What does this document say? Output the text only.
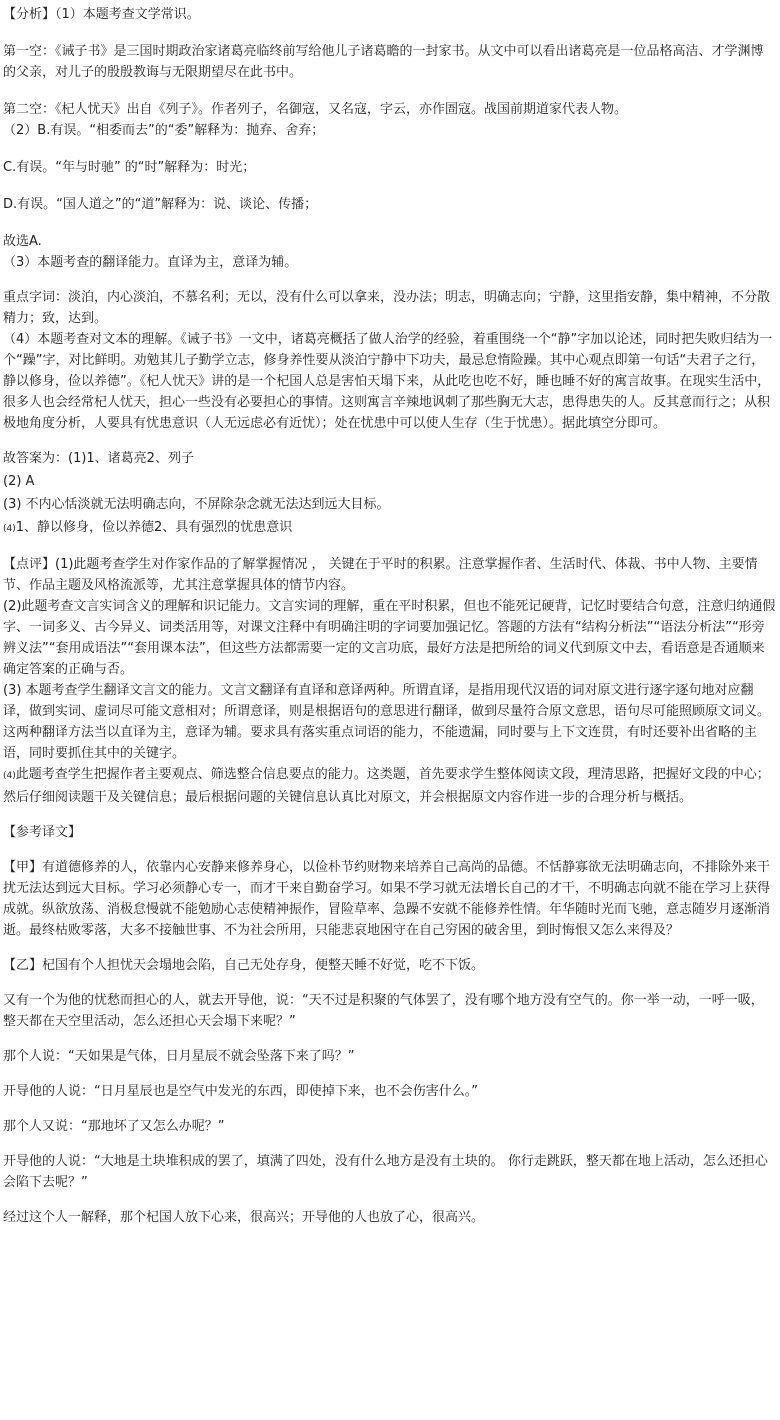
【分析】（1）本题考查文学常识。

第一空：《诫子书》是三国时期政治家诸葛亮临终前写给他儿子诸葛瞻的一封家书。从文中可以看出诸葛亮是一位品格高洁、才学渊博的父亲，对儿子的殷殷教诲与无限期望尽在此书中。

第二空：《杞人忧天》出自《列子》。作者列子，名御寇，又名寇，字云，亦作圄寇。战国前期道家代表人物。

（2）B.有误。“相委而去”的“委”解释为：抛弃、舍弃；

C.有误。“年与时驰” 的“时”解释为：时光；

D.有误。“国人道之”的“道”解释为：说、谈论、传播；

故选A.

（3）本题考查的翻译能力。直译为主，意译为辅。

重点字词：淡泊，内心淡泊，不慕名利；无以，没有什么可以拿来，没办法；明志，明确志向；宁静，这里指安静，集中精神，不分散精力；致，达到。

（4）本题考查对文本的理解。《诫子书》一文中，诸葛亮概括了做人治学的经验，着重围绕一个“静”字加以论述，同时把失败归结为一个“躁”字，对比鲜明。劝勉其儿子勤学立志，修身养性要从淡泊宁静中下功夫，最忌怠惰险躁。其中心观点即第一句话“夫君子之行，静以修身，俭以养德”。《杞人忧天》讲的是一个杞国人总是害怕天塌下来，从此吃也吃不好，睡也睡不好的寓言故事。在现实生活中，很多人也会经常杞人忧天，担心一些没有必要担心的事情。这则寓言辛辣地讽刺了那些胸无大志，患得患失的人。反其意而行之；从积极地角度分析，人要具有忧患意识（人无远虑必有近忧）；处在忧患中可以使人生存（生于忧患）。据此填空分即可。

故答案为：(1)1、诸葛亮2、列子

(2) A

(3) 不内心恬淡就无法明确志向，不屏除杂念就无法达到远大目标。

(4)1、静以修身，俭以养德2、具有强烈的忧患意识

【点评】(1)此题考查学生对作家作品的了解掌握情况 ， 关键在于平时的积累。注意掌握作者、生活时代、体裁、书中人物、主要情节、作品主题及风格流派等，尤其注意掌握具体的情节内容。

(2)此题考查文言实词含义的理解和识记能力。文言实词的理解，重在平时积累，但也不能死记硬背，记忆时要结合句意，注意归纳通假字、一词多义、古今异义、词类活用等，对课文注释中有明确注明的字词要加强记忆。答题的方法有“结构分析法”“语法分析法”“形旁辨义法”“套用成语法”“套用课本法”，但这些方法都需要一定的文言功底，最好方法是把所给的词义代到原文中去，看语意是否通顺来确定答案的正确与否。

(3) 本题考查学生翻译文言文的能力。文言文翻译有直译和意译两种。所谓直译，是指用现代汉语的词对原文进行逐字逐句地对应翻译，做到实词、虚词尽可能文意相对；所谓意译，则是根据语句的意思进行翻译，做到尽量符合原文意思，语句尽可能照顾原文词义。这两种翻译方法当以直译为主，意译为辅。要求具有落实重点词语的能力，不能遗漏，同时要与上下文连贯，有时还要补出省略的主语，同时要抓住其中的关键字。

(4)此题考查学生把握作者主要观点、筛选整合信息要点的能力。这类题，首先要求学生整体阅读文段，理清思路，把握好文段的中心；然后仔细阅读题干及关键信息；最后根据问题的关键信息认真比对原文，并会根据原文内容作进一步的合理分析与概括。

【参考译文】

【甲】有道德修养的人，依靠内心安静来修养身心，以俭朴节约财物来培养自己高尚的品德。不恬静寡欲无法明确志向，不排除外来干扰无法达到远大目标。学习必须静心专一，而才干来自勤奋学习。如果不学习就无法增长自己的才干，不明确志向就不能在学习上获得成就。纵欲放荡、消极怠慢就不能勉励心志使精神振作，冒险草率、急躁不安就不能修养性情。年华随时光而飞驰，意志随岁月逐渐消逝。最终枯败零落，大多不接触世事、不为社会所用，只能悲哀地困守在自己穷困的破舍里，到时悔恨又怎么来得及？

【乙】杞国有个人担忧天会塌地会陷，自己无处存身，便整天睡不好觉，吃不下饭。

又有一个为他的忧愁而担心的人，就去开导他，说：“天不过是积聚的气体罢了，没有哪个地方没有空气的。你一举一动，一呼一吸，整天都在天空里活动，怎么还担心天会塌下来呢？”

那个人说：“天如果是气体，日月星辰不就会坠落下来了吗？”

开导他的人说：“日月星辰也是空气中发光的东西，即使掉下来，也不会伤害什么。”

那个人又说：“那地坏了又怎么办呢？”

开导他的人说：“大地是土块堆积成的罢了，填满了四处，没有什么地方是没有土块的。 你行走跳跃，整天都在地上活动，怎么还担心会陷下去呢？”

经过这个人一解释，那个杞国人放下心来，很高兴；开导他的人也放了心，很高兴。
